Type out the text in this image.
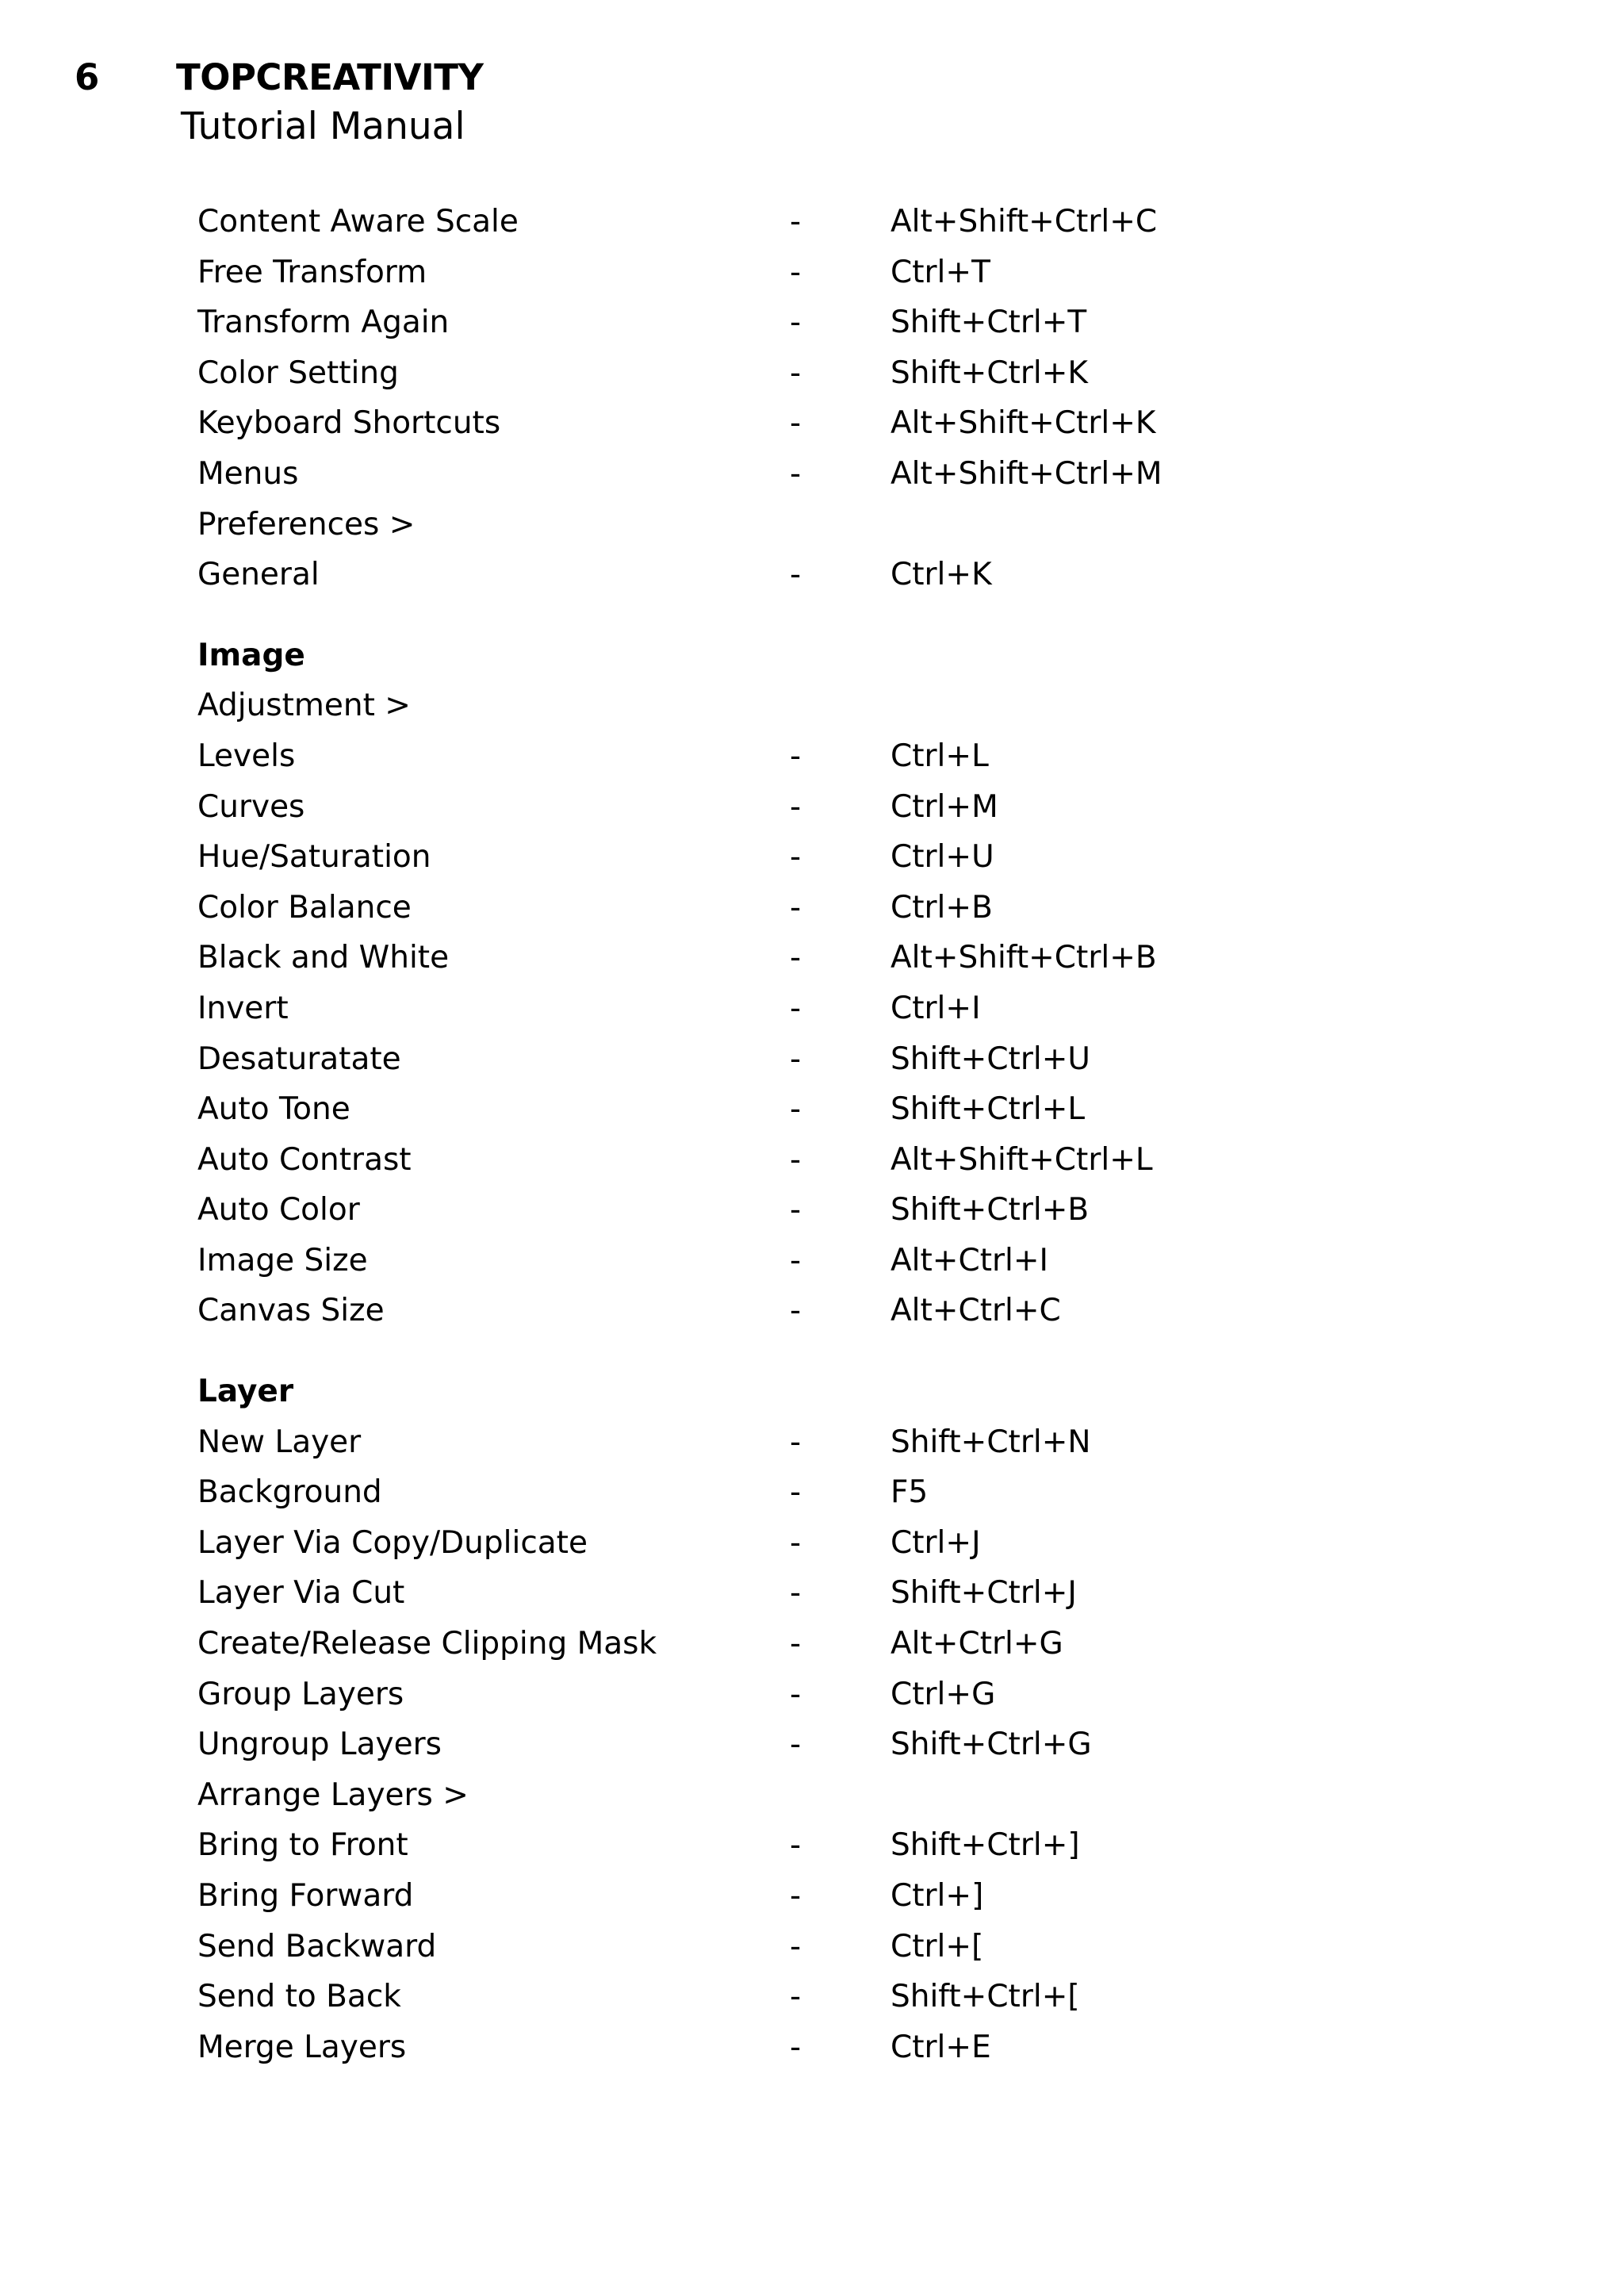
6 TOPCREATIVITY
Tutorial Manual
Content Aware Scale	-	Alt+Shift+Ctrl+C
Free Transform	-	Ctrl+T
Transform Again	-	Shift+Ctrl+T
Color Setting	-	Shift+Ctrl+K
Keyboard Shortcuts	-	Alt+Shift+Ctrl+K
Menus	-	Alt+Shift+Ctrl+M
Preferences >
General	-	Ctrl+K
Image
Adjustment >
Levels	-	Ctrl+L
Curves	-	Ctrl+M
Hue/Saturation	-	Ctrl+U
Color Balance	-	Ctrl+B
Black and White	-	Alt+Shift+Ctrl+B
Invert	-	Ctrl+I
Desaturatate	-	Shift+Ctrl+U
Auto Tone	-	Shift+Ctrl+L
Auto Contrast	-	Alt+Shift+Ctrl+L
Auto Color	-	Shift+Ctrl+B
Image Size	-	Alt+Ctrl+I
Canvas Size	-	Alt+Ctrl+C
Layer
New Layer	-	Shift+Ctrl+N
Background	-	F5
Layer Via Copy/Duplicate	-	Ctrl+J
Layer Via Cut	-	Shift+Ctrl+J
Create/Release Clipping Mask	-	Alt+Ctrl+G
Group Layers	-	Ctrl+G
Ungroup Layers	-	Shift+Ctrl+G
Arrange Layers >
Bring to Front	-	Shift+Ctrl+]
Bring Forward	-	Ctrl+]
Send Backward	-	Ctrl+[
Send to Back	-	Shift+Ctrl+[
Merge Layers	-	Ctrl+E
